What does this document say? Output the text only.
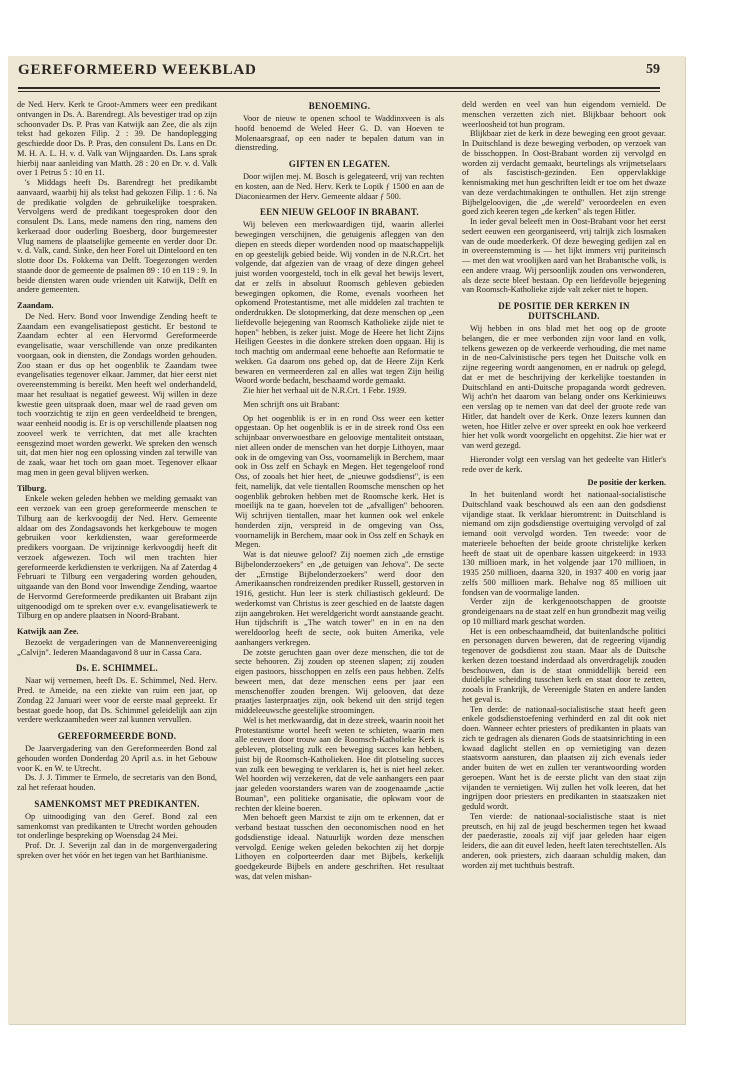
GEREFORMEERD WEEKBLAD	59

de Ned. Herv. Kerk te Groot-Ammers weer een predikant ontvangen in Ds. A. Barendregt. Als bevestiger trad op zijn schoonvader Ds. P. Pras van Katwijk aan Zee, die als zijn tekst had gekozen Filip. 2 : 39. De handoplegging geschiedde door Ds. P. Pras, den consulent Ds. Lans en Dr. M. H. A. L. H. v. d. Valk van Wijngaarden. Ds. Lans sprak hierbij naar aanleiding van Matth. 28 : 20 en Dr. v. d. Valk over 1 Petrus 5 : 10 en 11.

's Middags heeft Ds. Barendregt het predikambt aanvaard, waarbij hij als tekst had gekozen Filip. 1 : 6. Na de predikatie volgden de gebruikelijke toespraken. Vervolgens werd de predikant toegesproken door den consulent Ds. Lans, mede namens den ring, namens den kerkeraad door ouderling Boesberg, door burgemeester Vlug namens de plaatselijke gemeente en verder door Dr. v. d. Valk, cand. Sinke, den heer Forel uit Dinteloord en ten slotte door Ds. Fokkema van Delft. Toegezongen werden staande door de gemeente de psalmen 89 : 10 en 119 : 9. In beide diensten waren oude vrienden uit Katwijk, Delft en andere gemeenten.

Zaandam.

De Ned. Herv. Bond voor Inwendige Zending heeft te Zaandam een evangelisatiepost gesticht. Er bestond te Zaandam echter al een Hervormd Gereformeerde evangelisatie, waar verschillende van onze predikanten voorgaan, ook in diensten, die Zondags worden gehouden. Zoo staan er dus op het oogenblik te Zaandam twee evangelisaties tegenover elkaar. Jammer, dat hier eerst niet overeenstemming is bereikt. Men heeft wel onderhandeld, maar het resultaat is negatief geweest. Wij willen in deze kwestie geen uitspraak doen, maar wel de raad geven om toch voorzichtig te zijn en geen verdeeldheid te brengen, waar eenheid noodig is. Er is op verschillende plaatsen nog zooveel werk te verrichten, dat met alle krachten eensgezind moet worden gewerkt. We spreken den wensch uit, dat men hier nog een oplossing vinden zal terwille van de zaak, waar het toch om gaan moet. Tegenover elkaar mag men in geen geval blijven werken.

Tilburg.

Enkele weken geleden hebben we melding gemaakt van een verzoek van een groep gereformeerde menschen te Tilburg aan de kerkvoogdij der Ned. Herv. Gemeente aldaar om des Zondagsavonds het kerkgebouw te mogen gebruiken voor kerkdiensten, waar gereformeerde predikers voorgaan. De vrijzinnige kerkvoogdij heeft dit verzoek afgewezen. Toch wil men trachten hier gereformeerde kerkdiensten te verkrijgen. Na af Zaterdag 4 Februari te Tilburg een vergadering worden gehouden, uitgaande van den Bond voor Inwendige Zending, waartoe de Hervormd Gereformeerde predikanten uit Brabant zijn uitgenoodigd om te spreken over e.v. evangelisatiewerk te Tilburg en op andere plaatsen in Noord-Brabant.

Katwijk aan Zee.

Bezoekt de vergaderingen van de Mannenvereeniging „Calvijn". Iederen Maandagavond 8 uur in Cassa Cara.

Ds. E. SCHIMMEL.

Naar wij vernemen, heeft Ds. E. Schimmel, Ned. Herv. Pred. te Ameide, na een ziekte van ruim een jaar, op Zondag 22 Januari weer voor de eerste maal gepreekt. Er bestaat goede hoop, dat Ds. Schimmel geleidelijk aan zijn verdere werkzaamheden weer zal kunnen vervullen.

GEREFORMEERDE BOND.

De Jaarvergadering van den Gereformeerden Bond zal gehouden worden Donderdag 20 April a.s. in het Gebouw voor K. en W. te Utrecht.

Ds. J. J. Timmer te Ermelo, de secretaris van den Bond, zal het referaat houden.

SAMENKOMST MET PREDIKANTEN.

Op uitnoodiging van den Geref. Bond zal een samenkomst van predikanten te Utrecht worden gehouden tot onderlinge bespreking op Woensdag 24 Mei.

Prof. Dr. J. Severijn zal dan in de morgenvergadering spreken over het vóór en het tegen van het Barthianisme.

BENOEMING.

Voor de nieuw te openen school te Waddinxveen is als hoofd benoemd de Weled Heer G. D. van Hoeven te Molenaarsgraaf, op een nader te bepalen datum van in dienstreding.

GIFTEN EN LEGATEN.

Door wijlen mej. M. Bosch is gelegateerd, vrij van rechten en kosten, aan de Ned. Herv. Kerk te Lopik ƒ 1500 en aan de Diaconiearmen der Herv. Gemeente aldaar ƒ 500.

EEN NIEUW GELOOF IN BRABANT.

Wij beleven een merkwaardigen tijd, waarin allerlei bewegingen verschijnen, die getuigenis afleggen van den diepen en steeds dieper wordenden nood op maatschappelijk en op geestelijk gebied beide. Wij vonden in de N.R.Crt. het volgende, dat afgezien van de vraag of deze dingen geheel juist worden voorgesteld, toch in elk geval het bewijs levert, dat er zelfs in absoluut Roomsch gebleven gebieden bewegingen opkomen, die Rome, evenals voorheen het opkomend Protestantisme, met alle middelen zal trachten te onderdrukken. De slotopmerking, dat deze menschen op „een liefdevolle bejegening van Roomsch Katholieke zijde niet te hopen" hebben, is zeker juist. Moge de Heere het licht Zijns Heiligen Geestes in die donkere streken doen opgaan. Hij is toch machtig om andermaal eene behoefte aan Reformatie te wekken. Ga daarom ons gebed op, dat de Heere Zijn Kerk bewaren en vermeerderen zal en alles wat tegen Zijn heilig Woord worde bedacht, beschaamd worde gemaakt.

Zie hier het verhaal uit de N.R.Crt. 1 Febr. 1939.

Men schrijft ons uit Brabant:

Op het oogenblik is er in en rond Oss weer een ketter opgestaan. Op het oogenblik is er in de streek rond Oss een schijnbaar onverwoestbare en geloovige mentaliteit ontstaan, niet alleen onder de menschen van het dorpje Lithoyen, maar ook in de omgeving van Oss, voornamelijk in Berchem, maar ook in Oss zelf en Schayk en Megen. Het tegengeloof rond Oss, of zooals het hier heet, de „nieuwe godsdienst", is een feit, namelijk, dat vele tientallen Roomsche menschen op het oogenblik gebroken hebben met de Roomsche kerk. Het is moeilijk na te gaan, hoevelen tot de „afvalligen" behooren. Wij schrijven tientallen, maar het kunnen ook wel enkele honderden zijn, verspreid in de omgeving van Oss, voornamelijk in Berchem, maar ook in Oss zelf en Schayk en Megen.

Wat is dat nieuwe geloof? Zij noemen zich „de ernstige Bijbelonderzoekers" en „de getuigen van Jehova". De secte der „Ernstige Bijbelonderzoekers" werd door den Amerikaanschen rondreizenden prediker Russell, gestorven in 1916, gesticht. Hun leer is sterk chiliastisch gekleurd. De wederkomst van Christus is zeer geschied en de laatste dagen zijn aangebroken. Het wereldgericht wordt aanstaande geacht. Hun tijdschrift is „The watch tower" en in en na den wereldoorlog heeft de secte, ook buiten Amerika, vele aanhangers verkregen.

De zotste geruchten gaan over deze menschen, die tot de secte behooren. Zij zouden op steenen slapen; zij zouden eigen pastoors, bisschoppen en zelfs een paus hebben. Zelfs beweert men, dat deze menschen eens per jaar een menschenoffer zouden brengen. Wij gelooven, dat deze praatjes lasterpraatjes zijn, ook bekend uit den strijd tegen middeleeuwsche geestelijke stroomingen.

Wel is het merkwaardig, dat in deze streek, waarin nooit het Protestantisme wortel heeft weten te schieten, waarin men alle eeuwen door trouw aan de Roomsch-Katholieke Kerk is gebleven, plotseling zulk een beweging succes kan hebben, juist bij de Roomsch-Katholieken. Hoe dit plotseling succes van zulk een beweging te verklaren is, het is niet heel zeker. Wel hoorden wij verzekeren, dat de vele aanhangers een paar jaar geleden voorstanders waren van de zoogenaamde „actie Bouman", een politieke organisatie, die opkwam voor de rechten der kleine boeren.

Men behoeft geen Marxist te zijn om te erkennen, dat er verband bestaat tusschen den oeconomischen nood en het godsdienstige ideaal. Natuurlijk worden deze menschen vervolgd. Eenige weken geleden bekochten zij het dorpje Lithoyen en colporteerden daar met Bijbels, kerkelijk goedgekeurde Bijbels en andere geschriften. Het resultaat was, dat velen mishan-

deld werden en veel van hun eigendom vernield. De menschen verzetten zich niet. Blijkbaar behoort ook weerloosheid tot hun program.

Blijkbaar ziet de kerk in deze beweging een groot gevaar. In Duitschland is deze beweging verboden, op verzoek van de bisschoppen. In Oost-Brabant worden zij vervolgd en worden zij verdacht gemaakt, beurtelings als vrijmetselaars of als fascistisch-gezinden. Een oppervlakkige kennismaking met hun geschriften leidt er toe om het dwaze van deze verdachtmakingen te onthullen. Het zijn strenge Bijbelgeloovigen, die „de wereld" veroordeelen en even goed zich keeren tegen „de kerken" als tegen Hitler.

In ieder geval beleeft men in Oost-Brabant voor het eerst sedert eeuwen een georganiseerd, vrij talrijk zich losmaken van de oude moederkerk. Of deze beweging gedijen zal en in overeenstemming is — het lijkt immers vrij puriteinsch — met den wat vroolijken aard van het Brabantsche volk, is een andere vraag. Wij persoonlijk zouden ons verwonderen, als deze secte bleef bestaan. Op een liefdevolle bejegening van Roomsch-Katholieke zijde valt zeker niet te hopen.

DE POSITIE DER KERKEN IN DUITSCHLAND.

Wij hebben in ons blad met het oog op de groote belangen, die er mee verbonden zijn voor land en volk, telkens gewezen op de verkeerde verhouding, die met name in de neo-Calvinistische pers tegen het Duitsche volk en zijne regeering wordt aangenomen, en er nadruk op gelegd, dat er met de beschrijving der kerkelijke toestanden in Duitschland en anti-Duitsche propaganda wordt gedreven. Wij acht'n het daarom van belang onder ons Kerkinieuws een verslag op te nemen van dat deel der groote rede van Hitler, dat handelt over de Kerk. Onze lezers kunnen dan weten, hoe Hitler zelve er over spreekt en ook hoe verkeerd hier het volk wordt voorgelicht en opgehitst. Zie hier wat er van werd gezegd.

Hieronder volgt een verslag van het gedeelte van Hitler's rede over de kerk.

De positie der kerken.

In het buitenland wordt het nationaal-socialistische Duitschland vaak beschouwd als een aan den godsdienst vijandige staat. Ik verklaar hieromtrent: in Duitschland is niemand om zijn godsdienstige overtuiging vervolgd of zal iemand ooit vervolgd worden. Ten tweede: voor de materieele behoeften der beide groote christelijke kerken heeft de staat uit de openbare kassen uitgekeerd: in 1933 130 millioen mark, in het volgende jaar 170 millioen, in 1935 250 millioen, daarna 320, in 1937 400 en vorig jaar zelfs 500 millioen mark. Behalve nog 85 millioen uit fondsen van de voormalige landen.

Verder zijn de kerkgenootschappen de grootste grondeigenaars na de staat zelf en hun grondbezit mag veilig op 10 milliard mark geschat worden.

Het is een onbeschaamdheid, dat buitenlandsche politici en personagen durven beweren, dat de regeering vijandig tegenover de godsdienst zou staan. Maar als de Duitsche kerken dezen toestand inderdaad als onverdragelijk zouden beschouwen, dan is de staat onmiddellijk bereid een duidelijke scheiding tusschen kerk en staat door te zetten, zooals in Frankrijk, de Vereenigde Staten en andere landen het geval is.

Ten derde: de nationaal-socialistische staat heeft geen enkele godsdienstoefening verhinderd en zal dit ook niet doen. Wanneer echter priesters of predikanten in plaats van zich te gedragen als dienaren Gods de staatsinrichting in een kwaad daglicht stellen en op vernietiging van dezen staatsvorm aansturen, dan plaatsen zij zich evenals ieder ander buiten de wet en zullen ter verantwoording worden geroepen. Want het is de eerste plicht van den staat zijn vijanden te vernietigen. Wij zullen het volk leeren, dat het ingrijpen door priesters en predikanten in staatszaken niet geduld wordt.

Ten vierde: de nationaal-socialistische staat is niet preutsch, en hij zal de jeugd beschermen tegen het kwaad der paederastie, zooals zij vijf jaar geleden haar eigen leiders, die aan dit euvel leden, heeft laten terechtstellen. Als anderen, ook priesters, zich daaraan schuldig maken, dan worden zij met tuchthuis bestraft.
